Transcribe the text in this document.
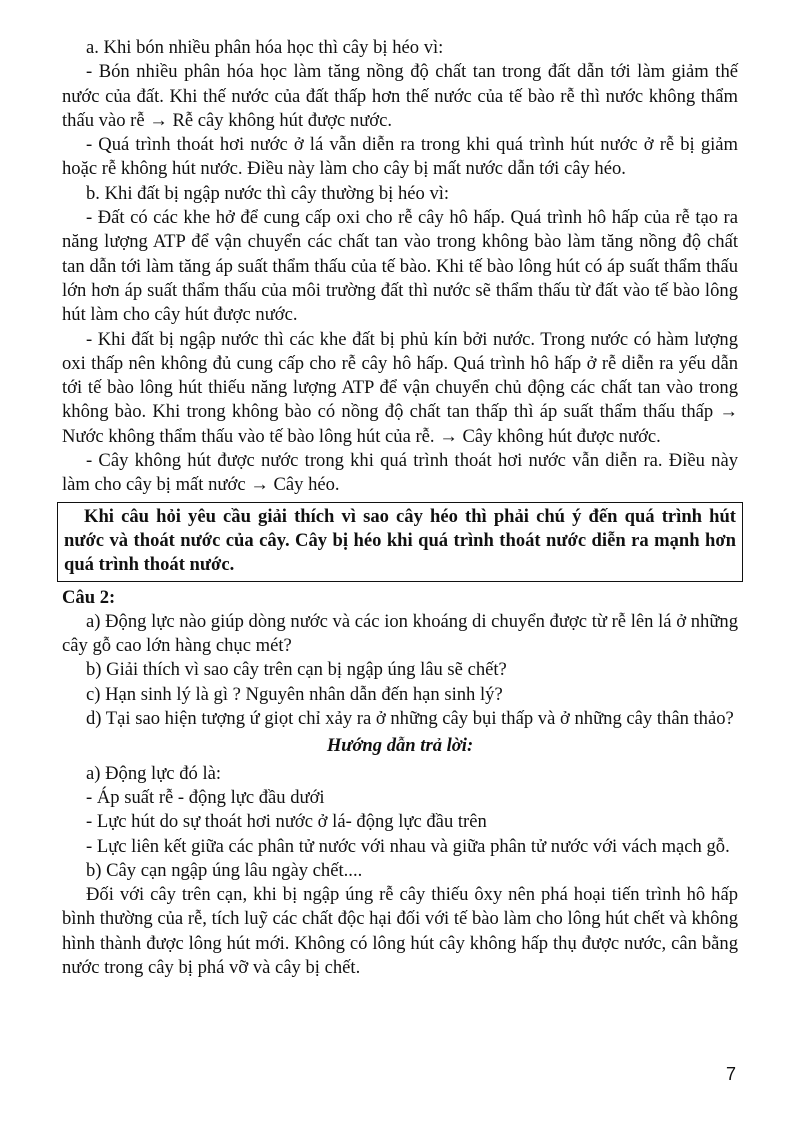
a. Khi bón nhiều phân hóa học thì cây bị héo vì:

- Bón nhiều phân hóa học làm tăng nồng độ chất tan trong đất dẫn tới làm giảm thế nước của đất. Khi thế nước của đất thấp hơn thế nước của tế bào rễ thì nước không thẩm thấu vào rễ → Rễ cây không hút được nước.

- Quá trình thoát hơi nước ở lá vẫn diễn ra trong khi quá trình hút nước ở rễ bị giảm hoặc rễ không hút nước. Điều này làm cho cây bị mất nước dẫn tới cây héo.

b. Khi đất bị ngập nước thì cây thường bị héo vì:

- Đất có các khe hở để cung cấp oxi cho rễ cây hô hấp. Quá trình hô hấp của rễ tạo ra năng lượng ATP để vận chuyển các chất tan vào trong không bào làm tăng nồng độ chất tan dẫn tới làm tăng áp suất thẩm thấu của tế bào. Khi tế bào lông hút có áp suất thẩm thấu lớn hơn áp suất thẩm thấu của môi trường đất thì nước sẽ thẩm thấu từ đất vào tế bào lông hút làm cho cây hút được nước.

- Khi đất bị ngập nước thì các khe đất bị phủ kín bởi nước. Trong nước có hàm lượng oxi thấp nên không đủ cung cấp cho rễ cây hô hấp. Quá trình hô hấp ở rễ diễn ra yếu dẫn tới tế bào lông hút thiếu năng lượng ATP để vận chuyển chủ động các chất tan vào trong không bào. Khi trong không bào có nồng độ chất tan thấp thì áp suất thẩm thấu thấp → Nước không thẩm thấu vào tế bào lông hút của rễ. → Cây không hút được nước.

- Cây không hút được nước trong khi quá trình thoát hơi nước vẫn diễn ra. Điều này làm cho cây bị mất nước → Cây héo.

Khi câu hỏi yêu cầu giải thích vì sao cây héo thì phải chú ý đến quá trình hút nước và thoát nước của cây. Cây bị héo khi quá trình thoát nước diễn ra mạnh hơn quá trình thoát nước.

Câu 2:

a) Động lực nào giúp dòng nước và các ion khoáng di chuyển được từ rễ lên lá ở những cây gỗ cao lớn hàng chục mét?

b) Giải thích vì sao cây trên cạn bị ngập úng lâu sẽ chết?

c) Hạn sinh lý là gì ? Nguyên nhân dẫn đến hạn sinh lý?

d) Tại sao hiện tượng ứ giọt chỉ xảy ra ở những cây bụi thấp và ở những cây thân thảo?

Hướng dẫn trả lời:

a) Động lực đó là:

- Áp suất rễ - động lực đầu dưới

- Lực hút do sự thoát hơi nước ở lá- động lực đầu trên

- Lực liên kết giữa các phân tử nước với nhau và giữa phân tử nước với vách mạch gỗ.

b) Cây cạn ngập úng lâu ngày chết....

Đối với cây trên cạn, khi bị ngập úng rễ cây thiếu ôxy nên phá hoại tiến trình hô hấp bình thường của rễ, tích luỹ các chất độc hại đối với tế bào làm cho lông hút chết và không hình thành được lông hút mới. Không có lông hút cây không hấp thụ được nước, cân bằng nước trong cây bị phá vỡ và cây bị chết.

7
